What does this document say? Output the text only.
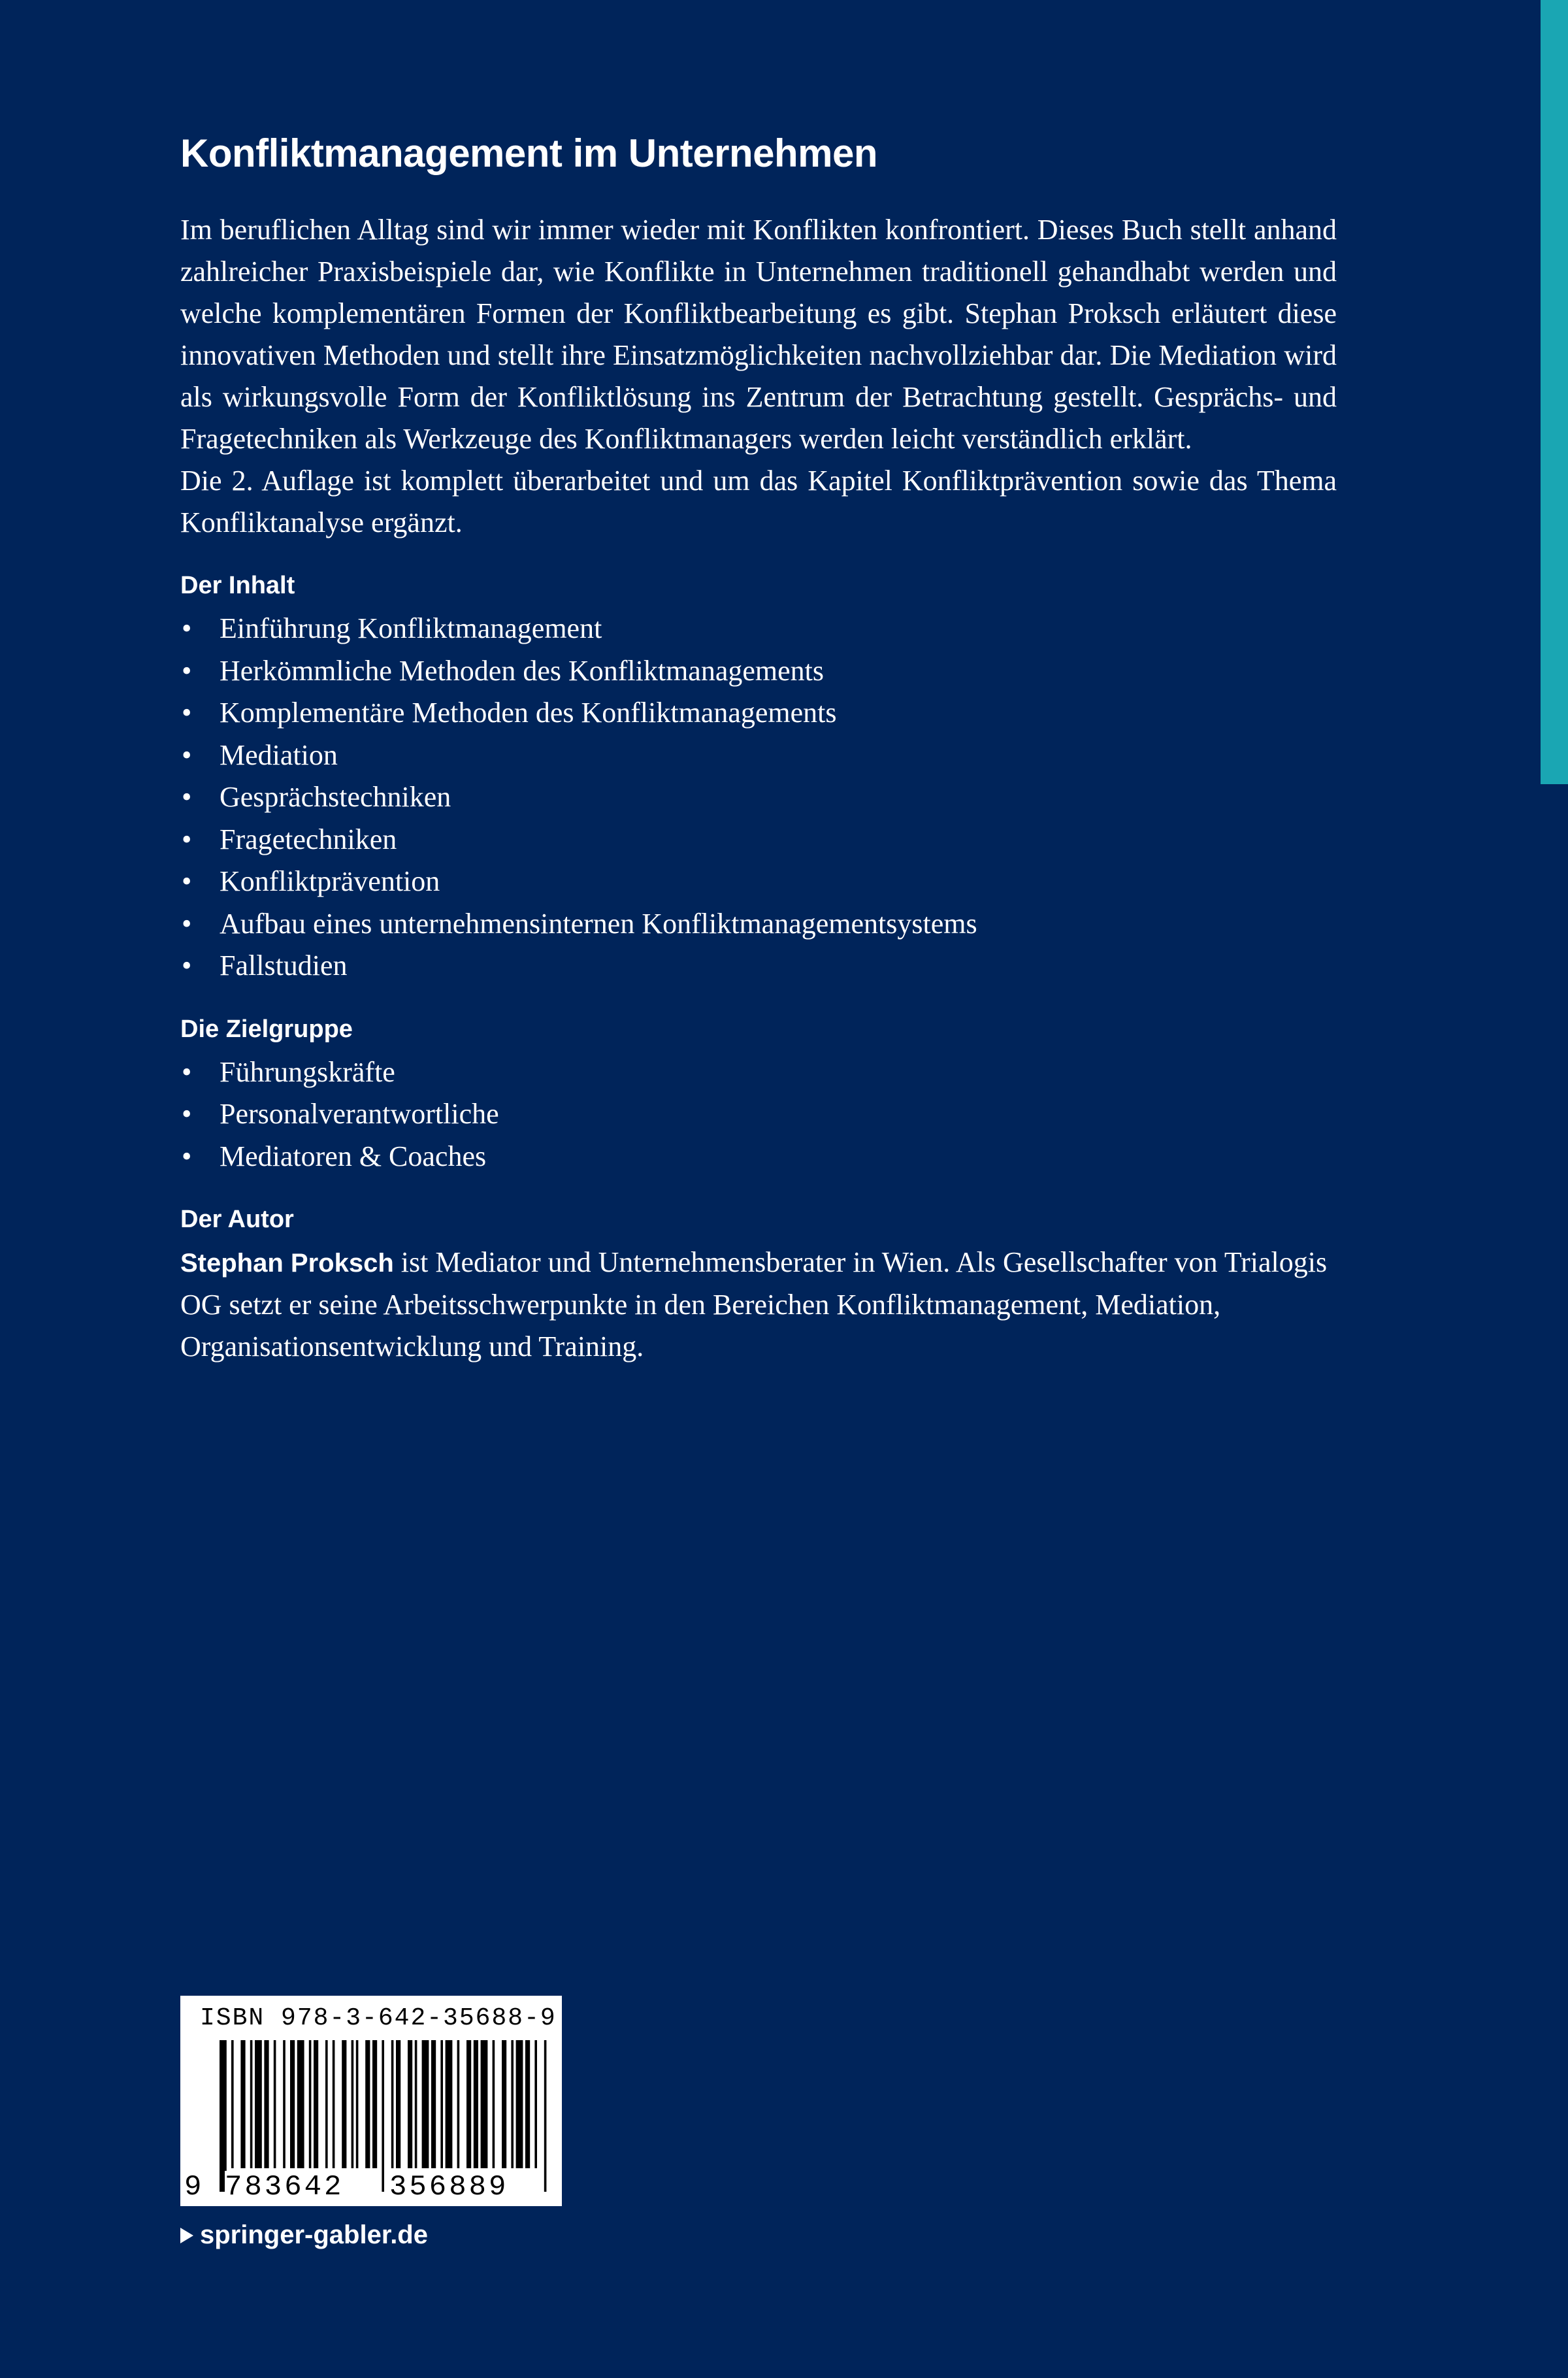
Konfliktmanagement im Unternehmen

Im beruflichen Alltag sind wir immer wieder mit Konflikten konfrontiert. Dieses Buch stellt anhand zahlreicher Praxisbeispiele dar, wie Konflikte in Unternehmen traditionell gehandhabt werden und welche komplementären Formen der Konfliktbearbeitung es gibt. Stephan Proksch erläutert diese innovativen Methoden und stellt ihre Einsatzmöglichkeiten nachvollziehbar dar. Die Mediation wird als wirkungsvolle Form der Konfliktlösung ins Zentrum der Betrachtung gestellt. Gesprächs- und Fragetechniken als Werkzeuge des Konfliktmanagers werden leicht verständlich erklärt.

Die 2. Auflage ist komplett überarbeitet und um das Kapitel Konfliktprävention sowie das Thema Konfliktanalyse ergänzt.

Der Inhalt
• Einführung Konfliktmanagement
• Herkömmliche Methoden des Konfliktmanagements
• Komplementäre Methoden des Konfliktmanagements
• Mediation
• Gesprächstechniken
• Fragetechniken
• Konfliktprävention
• Aufbau eines unternehmensinternen Konfliktmanagementsystems
• Fallstudien
Die Zielgruppe
• Führungskräfte
• Personalverantwortliche
• Mediatoren & Coaches
Der Autor

Stephan Proksch ist Mediator und Unternehmensberater in Wien. Als Gesellschafter von Trialogis OG setzt er seine Arbeitsschwerpunkte in den Bereichen Konfliktmanagement, Mediation, Organisationsentwicklung und Training.

ISBN 978-3-642-35688-9
9 783642 356889
springer-gabler.de
